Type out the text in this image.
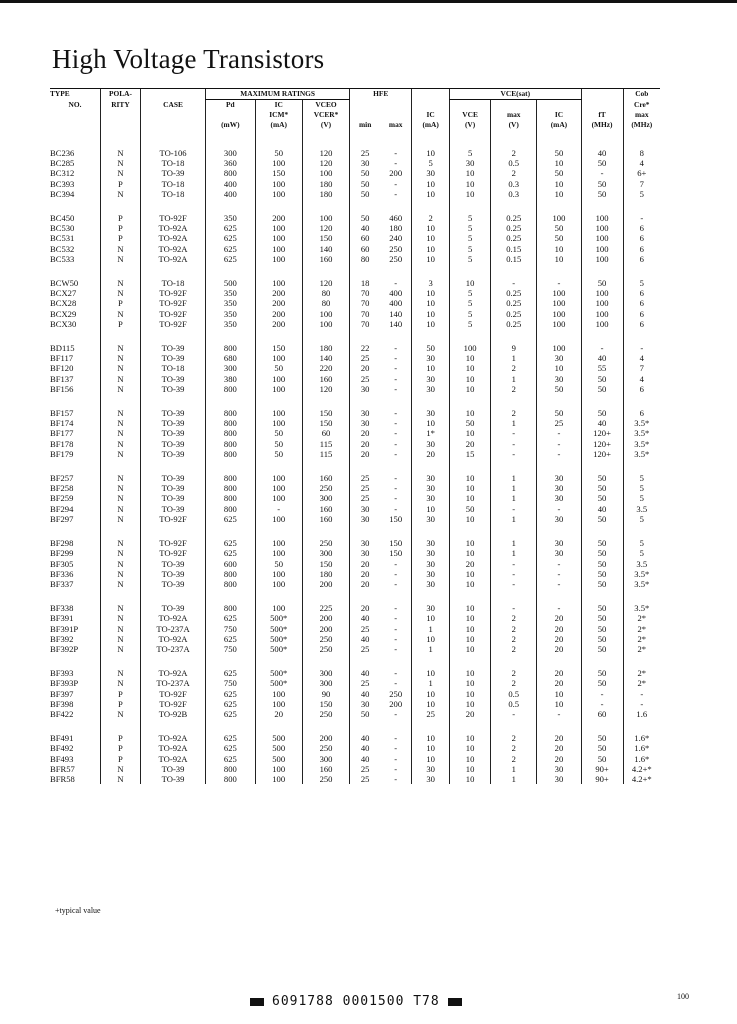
High Voltage Transistors
TYPE	POLA-		MAXIMUM RATINGS			HFE			VCE(sat)				Cob
NO.	RITY	CASE	Pd	IC	VCEO								Cre*
				ICM*	VCER*			IC	VCE	max	IC	fT	max
			(mW)	(mA)	(V)	min	max	(mA)	(V)	(V)	(mA)	(MHz)	(MHz)

BC236	N	TO-106	300	50	120	25	-	10	5	2	50	40	8
BC285	N	TO-18	360	100	120	30	-	5	30	0.5	10	50	4
BC312	N	TO-39	800	150	100	50	200	30	10	2	50	-	6+
BC393	P	TO-18	400	100	180	50	-	10	10	0.3	10	50	7
BC394	N	TO-18	400	100	180	50	-	10	10	0.3	10	50	5

BC450	P	TO-92F	350	200	100	50	460	2	5	0.25	100	100	-
BC530	P	TO-92A	625	100	120	40	180	10	5	0.25	50	100	6
BC531	P	TO-92A	625	100	150	60	240	10	5	0.25	50	100	6
BC532	N	TO-92A	625	100	140	60	250	10	5	0.15	10	100	6
BC533	N	TO-92A	625	100	160	80	250	10	5	0.15	10	100	6

BCW50	N	TO-18	500	100	120	18	-	3	10	-	-	50	5
BCX27	N	TO-92F	350	200	80	70	400	10	5	0.25	100	100	6
BCX28	P	TO-92F	350	200	80	70	400	10	5	0.25	100	100	6
BCX29	N	TO-92F	350	200	100	70	140	10	5	0.25	100	100	6
BCX30	P	TO-92F	350	200	100	70	140	10	5	0.25	100	100	6

BD115	N	TO-39	800	150	180	22	-	50	100	9	100	-	-
BF117	N	TO-39	680	100	140	25	-	30	10	1	30	40	4
BF120	N	TO-18	300	50	220	20	-	10	10	2	10	55	7
BF137	N	TO-39	380	100	160	25	-	30	10	1	30	50	4
BF156	N	TO-39	800	100	120	30	-	30	10	2	50	50	6

BF157	N	TO-39	800	100	150	30	-	30	10	2	50	50	6
BF174	N	TO-39	800	100	150	30	-	10	50	1	25	40	3.5*
BF177	N	TO-39	800	50	60	20	-	1*	10	-	-	120+	3.5*
BF178	N	TO-39	800	50	115	20	-	30	20	-	-	120+	3.5*
BF179	N	TO-39	800	50	115	20	-	20	15	-	-	120+	3.5*

BF257	N	TO-39	800	100	160	25	-	30	10	1	30	50	5
BF258	N	TO-39	800	100	250	25	-	30	10	1	30	50	5
BF259	N	TO-39	800	100	300	25	-	30	10	1	30	50	5
BF294	N	TO-39	800	-	160	30	-	10	50	-	-	40	3.5
BF297	N	TO-92F	625	100	160	30	150	30	10	1	30	50	5

BF298	N	TO-92F	625	100	250	30	150	30	10	1	30	50	5
BF299	N	TO-92F	625	100	300	30	150	30	10	1	30	50	5
BF305	N	TO-39	600	50	150	20	-	30	20	-	-	50	3.5
BF336	N	TO-39	800	100	180	20	-	30	10	-	-	50	3.5*
BF337	N	TO-39	800	100	200	20	-	30	10	-	-	50	3.5*

BF338	N	TO-39	800	100	225	20	-	30	10	-	-	50	3.5*
BF391	N	TO-92A	625	500*	200	40	-	10	10	2	20	50	2*
BF391P	N	TO-237A	750	500*	200	25	-	1	10	2	20	50	2*
BF392	N	TO-92A	625	500*	250	40	-	10	10	2	20	50	2*
BF392P	N	TO-237A	750	500*	250	25	-	1	10	2	20	50	2*

BF393	N	TO-92A	625	500*	300	40	-	10	10	2	20	50	2*
BF393P	N	TO-237A	750	500*	300	25	-	1	10	2	20	50	2*
BF397	P	TO-92F	625	100	90	40	250	10	10	0.5	10	-	-
BF398	P	TO-92F	625	100	150	30	200	10	10	0.5	10	-	-
BF422	N	TO-92B	625	20	250	50	-	25	20	-	-	60	1.6

BF491	P	TO-92A	625	500	200	40	-	10	10	2	20	50	1.6*
BF492	P	TO-92A	625	500	250	40	-	10	10	2	20	50	1.6*
BF493	P	TO-92A	625	500	300	40	-	10	10	2	20	50	1.6*
BFR57	N	TO-39	800	100	160	25	-	30	10	1	30	90+	4.2+*
BFR58	N	TO-39	800	100	250	25	-	30	10	1	30	90+	4.2+*
+typical value
6091788 0001500 T78	100
